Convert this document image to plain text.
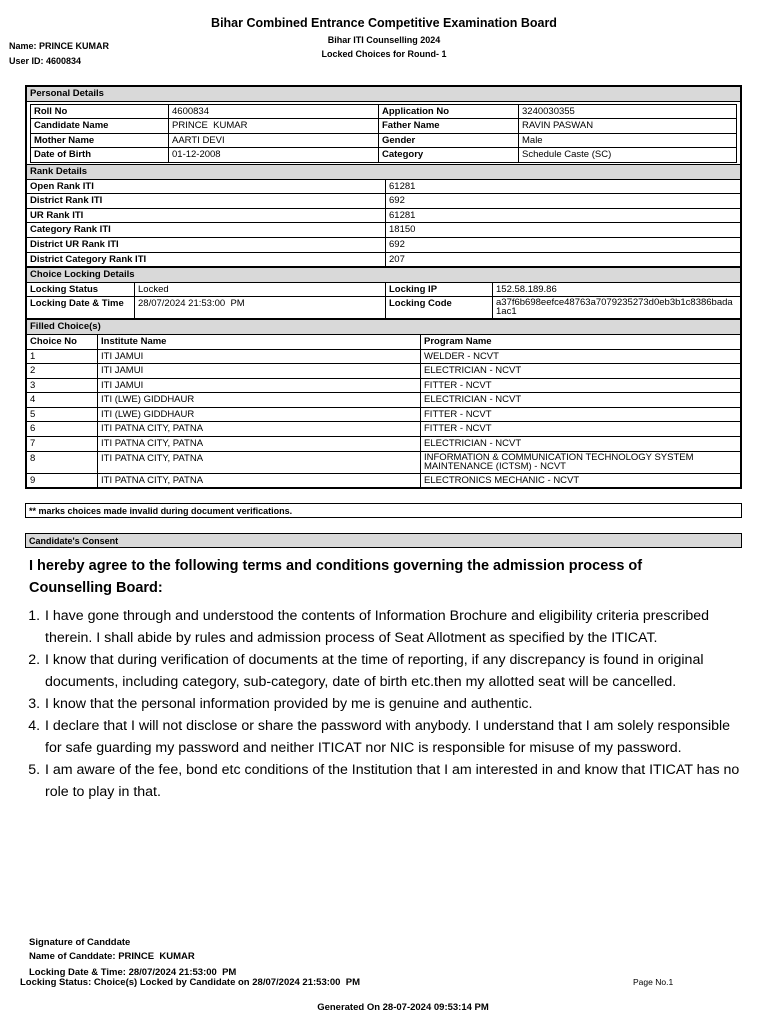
Bihar Combined Entrance Competitive Examination Board
Bihar ITI Counselling 2024
Locked Choices for Round- 1
Name: PRINCE KUMAR
User ID: 4600834
Personal Details
Roll No	4600834	Application No	3240030355
Candidate Name	PRINCE  KUMAR	Father Name	RAVIN PASWAN
Mother Name	AARTI DEVI	Gender	Male
Date of Birth	01-12-2008	Category	Schedule Caste (SC)
Rank Details	
Open Rank ITI	61281
District Rank ITI	692
UR Rank ITI	61281
Category Rank ITI	18150
District UR Rank ITI	692
District Category Rank ITI	207
Choice Locking Details			
Locking Status	Locked	Locking IP	152.58.189.86
Locking Date & Time	28/07/2024 21:53:00  PM	Locking Code	a37f6b698eefce48763a7079235273d0eb3b1c8386bada1ac1
Filled Choice(s)		
Choice No	Institute Name	Program Name
1	ITI JAMUI	WELDER - NCVT
2	ITI JAMUI	ELECTRICIAN - NCVT
3	ITI JAMUI	FITTER - NCVT
4	ITI (LWE) GIDDHAUR	ELECTRICIAN - NCVT
5	ITI (LWE) GIDDHAUR	FITTER - NCVT
6	ITI PATNA CITY, PATNA	FITTER - NCVT
7	ITI PATNA CITY, PATNA	ELECTRICIAN - NCVT
8	ITI PATNA CITY, PATNA	INFORMATION & COMMUNICATION TECHNOLOGY SYSTEM MAINTENANCE (ICTSM) - NCVT
9	ITI PATNA CITY, PATNA	ELECTRONICS MECHANIC - NCVT
** marks choices made invalid during document verifications.
Candidate's Consent
I hereby agree to the following terms and conditions governing the admission process of Counselling Board:
1. I have gone through and understood the contents of Information Brochure and eligibility criteria prescribed therein. I shall abide by rules and admission process of Seat Allotment as specified by the ITICAT.
2. I know that during verification of documents at the time of reporting, if any discrepancy is found in original documents, including category, sub-category, date of birth etc.then my allotted seat will be cancelled.
3. I know that the personal information provided by me is genuine and authentic.
4. I declare that I will not disclose or share the password with anybody. I understand that I am solely responsible for safe guarding my password and neither ITICAT nor NIC is responsible for misuse of my password.
5. I am aware of the fee, bond etc conditions of the Institution that I am interested in and know that ITICAT has no role to play in that.
Signature of Canddate
Name of Canddate: PRINCE  KUMAR
Locking Date & Time: 28/07/2024 21:53:00  PM
Locking Status: Choice(s) Locked by Candidate on 28/07/2024 21:53:00  PM	Page No.1
Generated On 28-07-2024 09:53:14 PM
